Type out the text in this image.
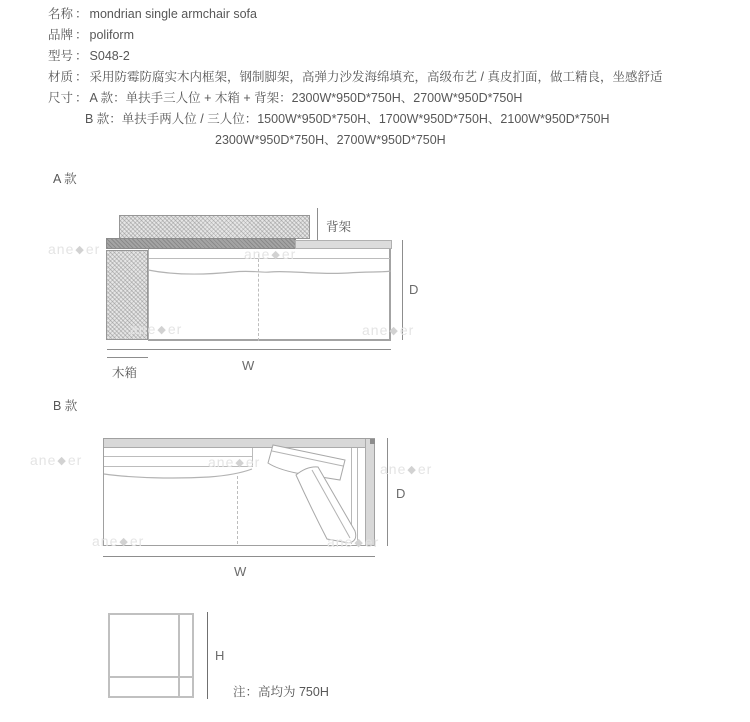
名称 ： mondrian single armchair sofa
品牌 ： poliform
型号 ： S048-2
材质 ： 采用防霉防腐实木内框架，钢制脚架，高弹力沙发海绵填充，高级布艺 / 真皮扪面，做工精良，坐感舒适
尺寸 ： A 款：单扶手三人位 + 木箱 + 背架：2300W*950D*750H、2700W*950D*750H
B 款：单扶手两人位 / 三人位：1500W*950D*750H、1700W*950D*750H、2100W*950D*750H
2300W*950D*750H、2700W*950D*750H
A 款
背架
D
W
木箱
B 款
D
W
H
注：高均为 750H
ane◆er	ane◆er
ane◆er	ane◆er
ane◆er	ane◆er	ane◆er
ane◆er	ane◆er
